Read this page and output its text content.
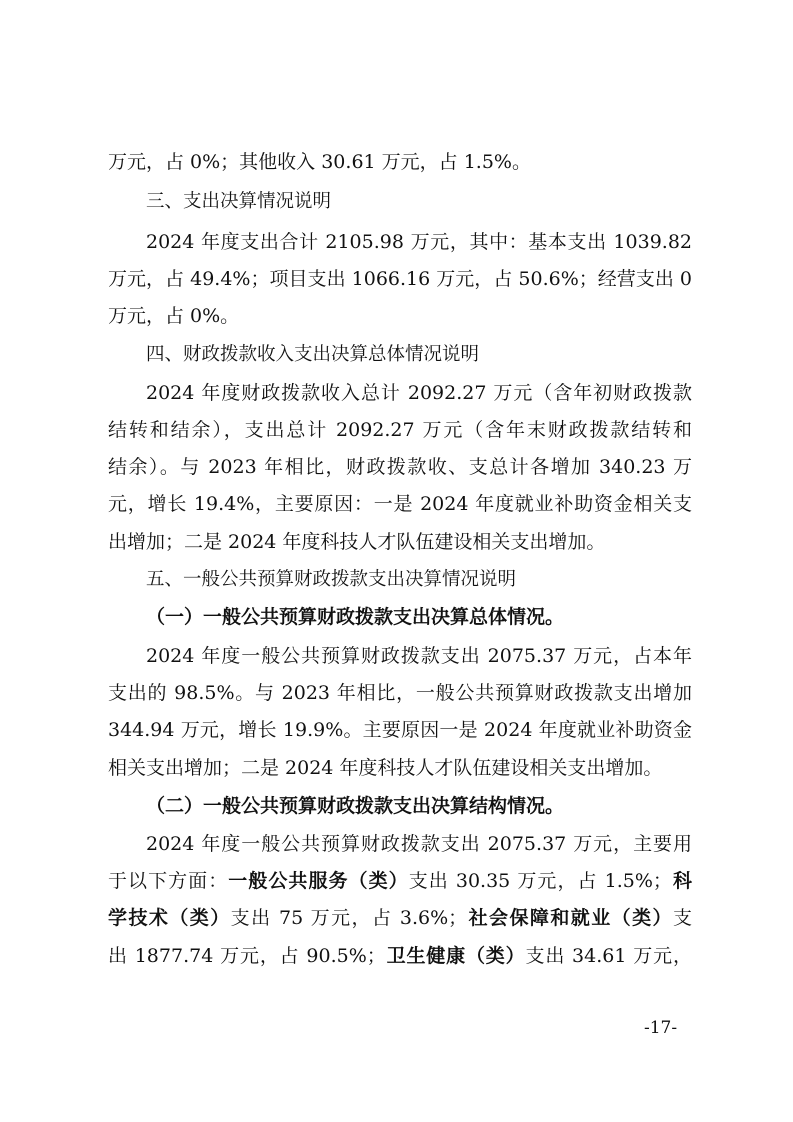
万元，占 0%；其他收入 30.61 万元，占 1.5%。
三、支出决算情况说明
2024 年度支出合计 2105.98 万元，其中：基本支出 1039.82
万元，占 49.4%；项目支出 1066.16 万元，占 50.6%；经营支出 0
万元，占 0%。
四、财政拨款收入支出决算总体情况说明
2024 年度财政拨款收入总计 2092.27 万元（含年初财政拨款
结转和结余），支出总计 2092.27 万元（含年末财政拨款结转和
结余）。与 2023 年相比，财政拨款收、支总计各增加 340.23 万
元，增长 19.4%，主要原因：一是 2024 年度就业补助资金相关支
出增加；二是 2024 年度科技人才队伍建设相关支出增加。
五、一般公共预算财政拨款支出决算情况说明
（一）一般公共预算财政拨款支出决算总体情况。
2024 年度一般公共预算财政拨款支出 2075.37 万元，占本年
支出的 98.5%。与 2023 年相比，一般公共预算财政拨款支出增加
344.94 万元，增长 19.9%。主要原因一是 2024 年度就业补助资金
相关支出增加；二是 2024 年度科技人才队伍建设相关支出增加。
（二）一般公共预算财政拨款支出决算结构情况。
2024 年度一般公共预算财政拨款支出 2075.37 万元，主要用
于以下方面：一般公共服务（类）支出 30.35 万元，占 1.5%；科
学技术（类）支出 75 万元，占 3.6%；社会保障和就业（类）支
出 1877.74 万元，占 90.5%；卫生健康（类）支出 34.61 万元，
-17-
